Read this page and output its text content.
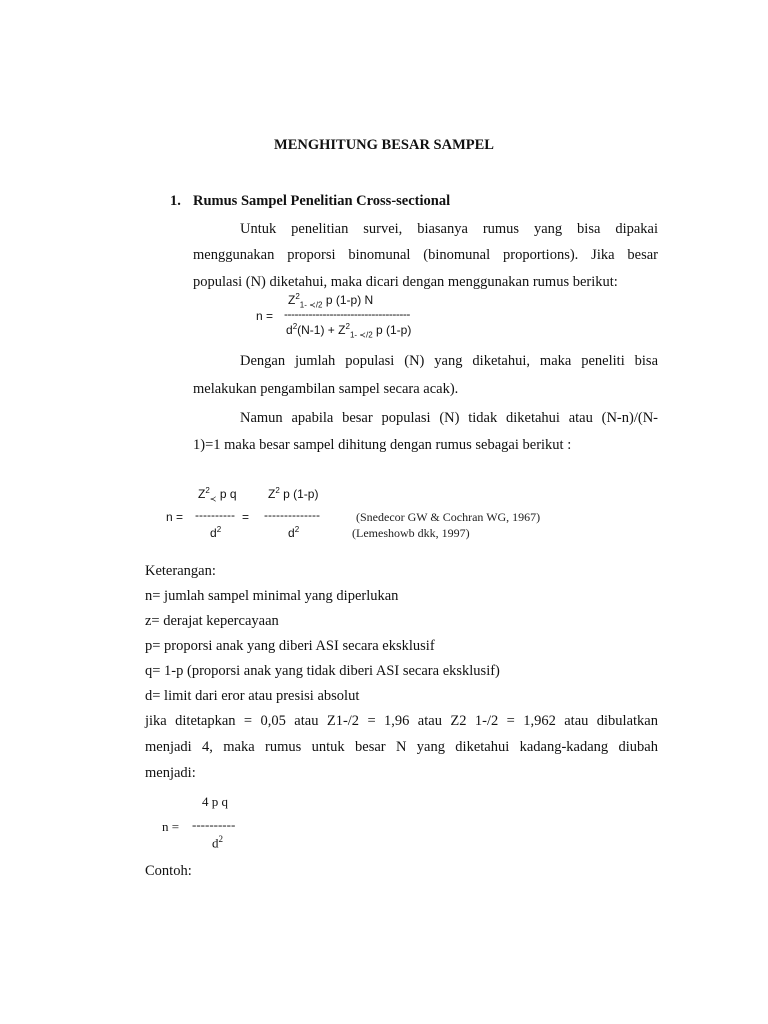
MENGHITUNG BESAR SAMPEL
1. Rumus Sampel Penelitian Cross-sectional
Untuk penelitian survei, biasanya rumus yang bisa dipakai
menggunakan proporsi binomunal (binomunal proportions). Jika besar
populasi (N) diketahui, maka dicari dengan menggunakan rumus berikut:
$Z^2_{1- ≺/2}$ p (1-p) N
n = ------------------------------------
$d^2(N-1) + Z^2_{1- ≺/2}$ p (1-p)
Dengan jumlah populasi (N) yang diketahui, maka peneliti bisa
melakukan pengambilan sampel secara acak).
Namun apabila besar populasi (N) tidak diketahui atau (N-n)/(N-
1)=1 maka besar sampel dihitung dengan rumus sebagai berikut :
$Z^2_≺$ p q	$Z^2$ p (1-p)
n = ---------- = --------------
$d^2$	$d^2$
(Snedecor GW & Cochran WG, 1967)
(Lemeshowb dkk, 1997)
Keterangan:
n= jumlah sampel minimal yang diperlukan
z= derajat kepercayaan
p= proporsi anak yang diberi ASI secara eksklusif
q= 1-p (proporsi anak yang tidak diberi ASI secara eksklusif)
d= limit dari eror atau presisi absolut
jika ditetapkan = 0,05 atau Z1-/2 = 1,96 atau Z2 1-/2 = 1,962 atau dibulatkan
menjadi 4, maka rumus untuk besar N yang diketahui kadang-kadang diubah
menjadi:
4 p q
n = ----------
$d^2$
Contoh:
